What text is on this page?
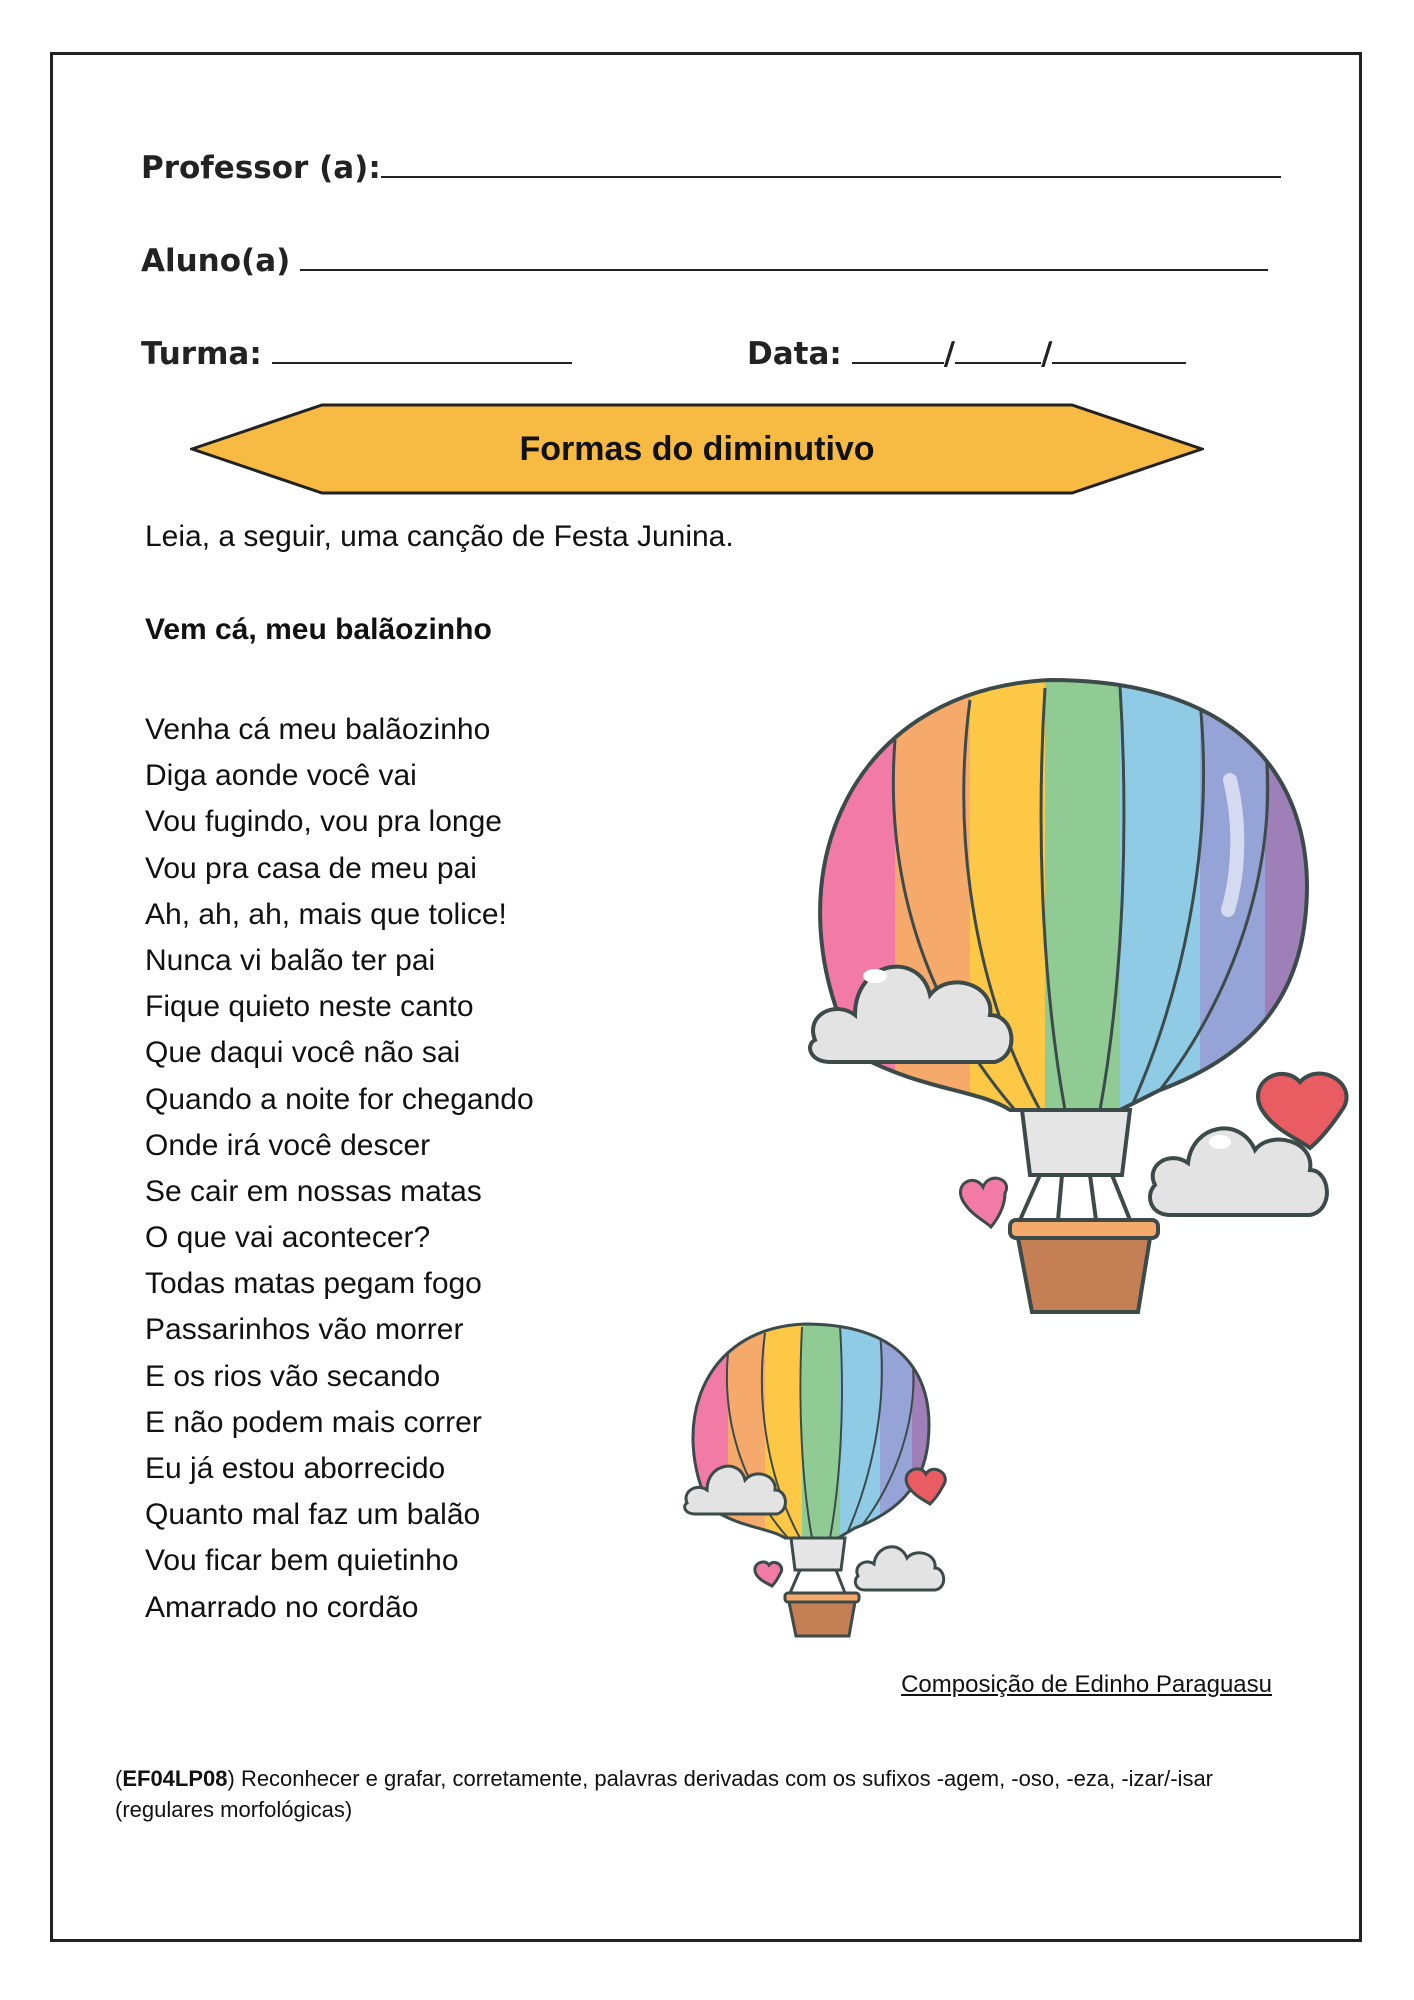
Professor (a):
Aluno(a)
Turma:	Data:	/	/
Formas do diminutivo
Leia, a seguir, uma canção de Festa Junina.
Vem cá, meu balãozinho
Venha cá meu balãozinho
Diga aonde você vai
Vou fugindo, vou pra longe
Vou pra casa de meu pai
Ah, ah, ah, mais que tolice!
Nunca vi balão ter pai
Fique quieto neste canto
Que daqui você não sai
Quando a noite for chegando
Onde irá você descer
Se cair em nossas matas
O que vai acontecer?
Todas matas pegam fogo
Passarinhos vão morrer
E os rios vão secando
E não podem mais correr
Eu já estou aborrecido
Quanto mal faz um balão
Vou ficar bem quietinho
Amarrado no cordão
Composição de Edinho Paraguasu
(EF04LP08) Reconhecer e grafar, corretamente, palavras derivadas com os sufixos -agem, -oso, -eza, -izar/-isar (regulares morfológicas)
